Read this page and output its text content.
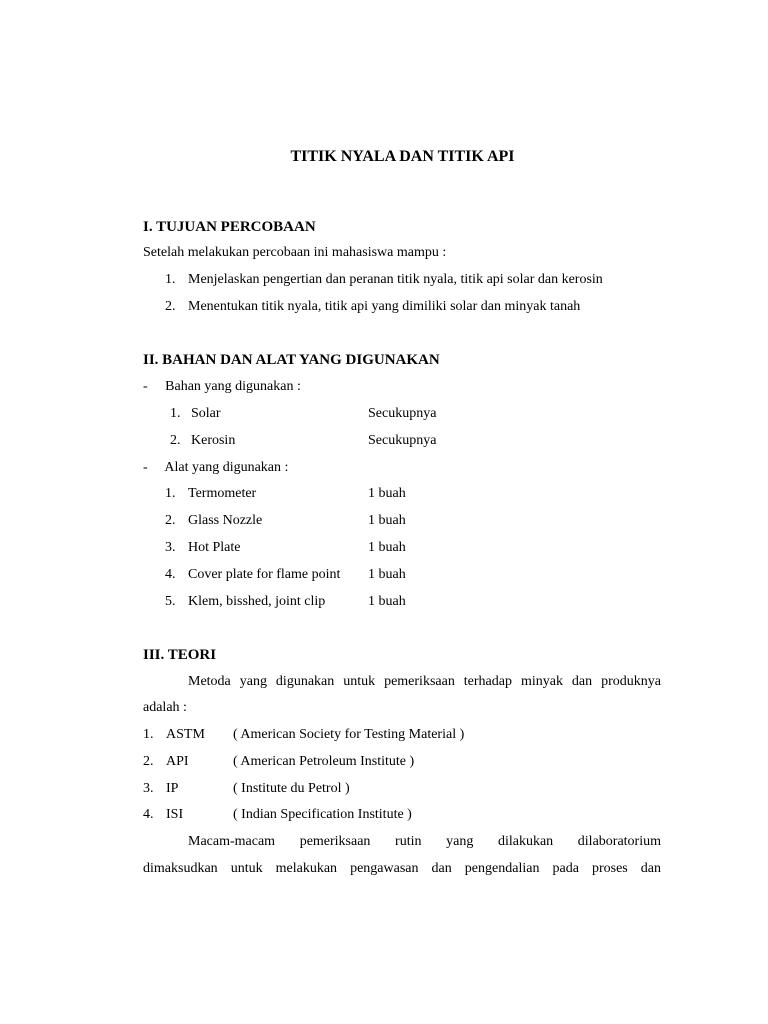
TITIK NYALA DAN TITIK API
I. TUJUAN PERCOBAAN
Setelah melakukan percobaan ini mahasiswa mampu :
1. Menjelaskan pengertian dan peranan titik nyala, titik api solar dan kerosin
2. Menentukan titik nyala, titik api yang dimiliki solar dan minyak tanah
II. BAHAN DAN ALAT YANG DIGUNAKAN
-     Bahan yang digunakan :
1. Solar	Secukupnya
2. Kerosin	Secukupnya
-     Alat yang digunakan :
1. Termometer	1 buah
2. Glass Nozzle	1 buah
3. Hot Plate	1 buah
4. Cover plate for flame point 1 buah
5. Klem, bisshed, joint clip	1 buah
III. TEORI
Metoda yang digunakan untuk pemeriksaan terhadap minyak dan produknya
adalah :
1. ASTM ( American Society for Testing Material )
2. API	( American Petroleum Institute )
3. IP	( Institute du Petrol )
4. ISI	( Indian Specification Institute )
Macam-macam pemeriksaan rutin yang dilakukan dilaboratorium
dimaksudkan untuk melakukan pengawasan dan pengendalian pada proses dan
